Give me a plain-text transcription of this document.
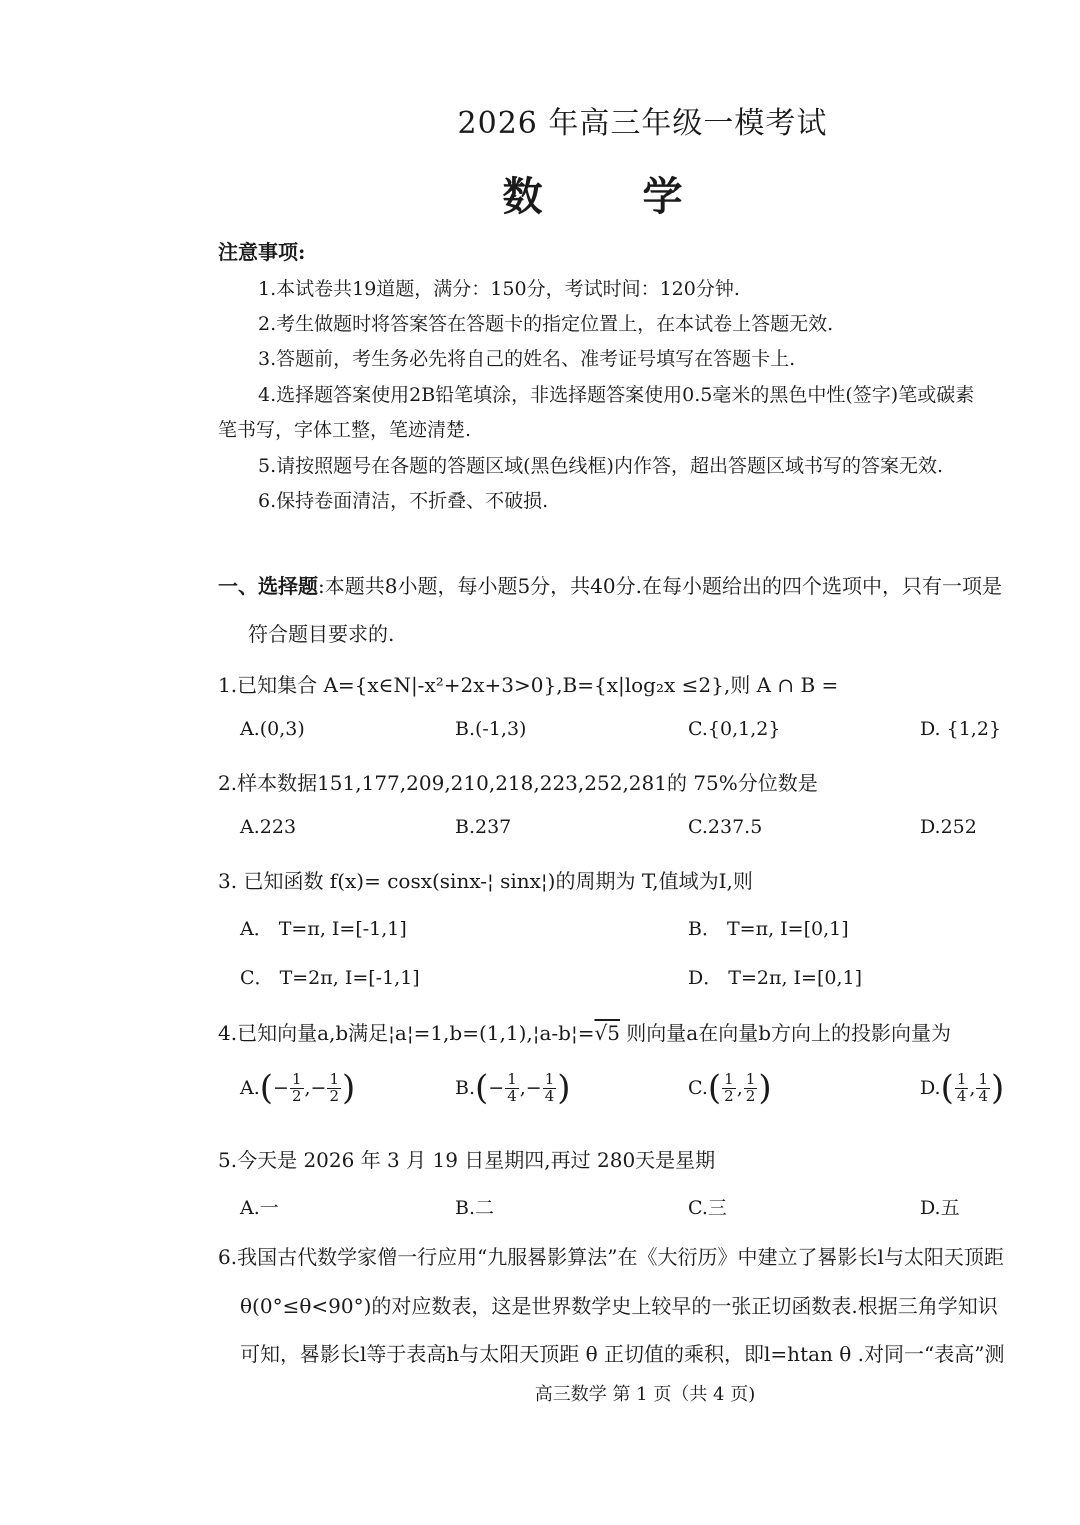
2026 年高三年级一模考试
数学
注意事项:
1.本试卷共19道题，满分：150分，考试时间：120分钟.
2.考生做题时将答案答在答题卡的指定位置上，在本试卷上答题无效.
3.答题前，考生务必先将自己的姓名、准考证号填写在答题卡上.
4.选择题答案使用2B铅笔填涂，非选择题答案使用0.5毫米的黑色中性(签字)笔或碳素
笔书写，字体工整，笔迹清楚.
5.请按照题号在各题的答题区域(黑色线框)内作答，超出答题区域书写的答案无效.
6.保持卷面清洁，不折叠、不破损.
一、选择题:本题共8小题，每小题5分，共40分.在每小题给出的四个选项中，只有一项是
符合题目要求的.
1.已知集合 A={x∈N|-x²+2x+3>0},B={x|log₂x ≤2},则 A ∩ B =
A.(0,3)	B.(-1,3)	C.{0,1,2}	D. {1,2}
2.样本数据151,177,209,210,218,223,252,281的 75%分位数是
A.223	B.237	C.237.5	D.252
3. 已知函数 f(x)= cosx(sinx-¦ sinx¦)的周期为 T,值域为I,则
A． T=π, I=[-1,1]	B． T=π, I=[0,1]
C． T=2π, I=[-1,1]	D． T=2π, I=[0,1]
4.已知向量a,b满足¦a¦=1,b=(1,1),¦a-b¦=√5 则向量a在向量b方向上的投影向量为
A. ( − $\frac{1}{2}$ , − $\frac{1}{2}$ )	B. ( − $\frac{1}{4}$ , − $\frac{1}{4}$ )	C. ( $\frac{1}{2}$ , $\frac{1}{2}$ )	D. ( $\frac{1}{4}$ , $\frac{1}{4}$ )
5.今天是 2026 年 3 月 19 日星期四,再过 280天是星期
A.一	B.二	C.三	D.五
6.我国古代数学家僧一行应用“九服晷影算法”在《大衍历》中建立了晷影长l与太阳天顶距
θ(0°≤θ<90°)的对应数表，这是世界数学史上较早的一张正切函数表.根据三角学知识
可知，晷影长l等于表高h与太阳天顶距 θ 正切值的乘积，即l=htan θ .对同一“表高”测
高三数学 第 1 页（共 4 页)
